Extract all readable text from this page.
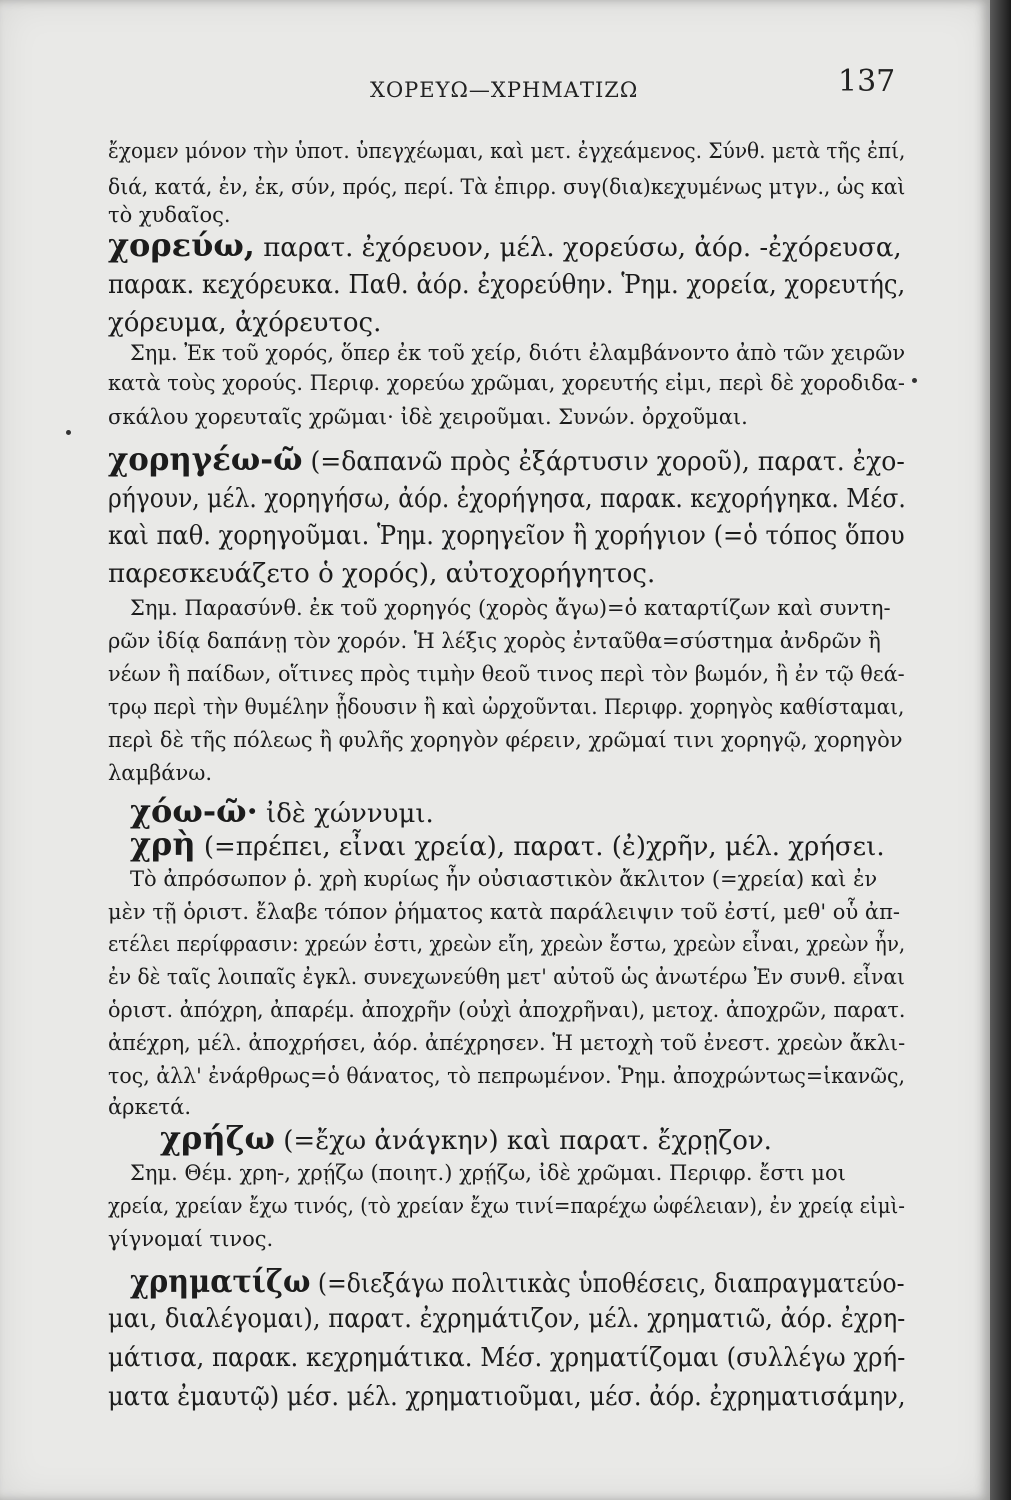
ΧΟΡΕΥΩ—ΧΡΗΜΑΤΙΖΩ	137
ἔχομεν μόνον τὴν ὑποτ. ὑπεγχέωμαι, καὶ μετ. ἐγχεάμενος. Σύνθ. μετὰ τῆς ἐπί,
διά, κατά, ἐν, ἐκ, σύν, πρός, περί. Τὰ ἐπιρρ. συγ(δια)κεχυμένως μτγν., ὡς καὶ
τὸ χυδαῖος.
χορεύω, παρατ. ἐχόρευον, μέλ. χορεύσω, ἀόρ. -ἐχόρευσα,
παρακ. κεχόρευκα. Παθ. ἀόρ. ἐχορεύθην. Ῥημ. χορεία, χορευτής,
χόρευμα, ἀχόρευτος.
Σημ. Ἐκ τοῦ χορός, ὅπερ ἐκ τοῦ χείρ, διότι ἐλαμβάνοντο ἀπὸ τῶν χειρῶν
κατὰ τοὺς χορούς. Περιφ. χορεύω χρῶμαι, χορευτής εἰμι, περὶ δὲ χοροδιδα-
σκάλου χορευταῖς χρῶμαι· ἰδὲ χειροῦμαι. Συνών. ὀρχοῦμαι.
χορηγέω-ῶ (=δαπανῶ πρὸς ἐξάρτυσιν χοροῦ), παρατ. ἐχο-
ρήγουν, μέλ. χορηγήσω, ἀόρ. ἐχορήγησα, παρακ. κεχορήγηκα. Μέσ.
καὶ παθ. χορηγοῦμαι. Ῥημ. χορηγεῖον ἢ χορήγιον (=ὁ τόπος ὅπου
παρεσκευάζετο ὁ χορός), αὐτοχορήγητος.
Σημ. Παρασύνθ. ἐκ τοῦ χορηγός (χορὸς ἄγω)=ὁ καταρτίζων καὶ συντη-
ρῶν ἰδίᾳ δαπάνῃ τὸν χορόν. Ἡ λέξις χορὸς ἐνταῦθα=σύστημα ἀνδρῶν ἢ
νέων ἢ παίδων, οἵτινες πρὸς τιμὴν θεοῦ τινος περὶ τὸν βωμόν, ἢ ἐν τῷ θεά-
τρῳ περὶ τὴν θυμέλην ᾖδουσιν ἢ καὶ ὠρχοῦνται. Περιφρ. χορηγὸς καθίσταμαι,
περὶ δὲ τῆς πόλεως ἢ φυλῆς χορηγὸν φέρειν, χρῶμαί τινι χορηγῷ, χορηγὸν
λαμβάνω.
χόω-ῶ· ἰδὲ χώννυμι.
χρὴ (=πρέπει, εἶναι χρεία), παρατ. (ἐ)χρῆν, μέλ. χρήσει.
Τὸ ἀπρόσωπον ῥ. χρὴ κυρίως ἦν οὐσιαστικὸν ἄκλιτον (=χρεία) καὶ ἐν
μὲν τῇ ὁριστ. ἔλαβε τόπον ῥήματος κατὰ παράλειψιν τοῦ ἐστί, μεθ' οὗ ἀπ-
ετέλει περίφρασιν: χρεών ἐστι, χρεὼν εἴη, χρεὼν ἔστω, χρεὼν εἶναι, χρεὼν ἦν,
ἐν δὲ ταῖς λοιπαῖς ἐγκλ. συνεχωνεύθη μετ' αὐτοῦ ὡς ἀνωτέρω Ἐν συνθ. εἶναι
ὁριστ. ἀπόχρη, ἀπαρέμ. ἀποχρῆν (οὐχὶ ἀποχρῆναι), μετοχ. ἀποχρῶν, παρατ.
ἀπέχρη, μέλ. ἀποχρήσει, ἀόρ. ἀπέχρησεν. Ἡ μετοχὴ τοῦ ἐνεστ. χρεὼν ἄκλι-
τος, ἀλλ' ἐνάρθρως=ὁ θάνατος, τὸ πεπρωμένον. Ῥημ. ἀποχρώντως=ἱκανῶς,
ἀρκετά.
χρήζω (=ἔχω ἀνάγκην) καὶ παρατ. ἔχρῃζον.
Σημ. Θέμ. χρη-, χρῄζω (ποιητ.) χρῄζω, ἰδὲ χρῶμαι. Περιφρ. ἔστι μοι
χρεία, χρείαν ἔχω τινός, (τὸ χρείαν ἔχω τινί=παρέχω ὠφέλειαν), ἐν χρείᾳ εἰμὶ-
γίγνομαί τινος.
χρηματίζω (=διεξάγω πολιτικὰς ὑποθέσεις, διαπραγματεύο-
μαι, διαλέγομαι), παρατ. ἐχρημάτιζον, μέλ. χρηματιῶ, ἀόρ. ἐχρη-
μάτισα, παρακ. κεχρημάτικα. Μέσ. χρηματίζομαι (συλλέγω χρή-
ματα ἐμαυτῷ) μέσ. μέλ. χρηματιοῦμαι, μέσ. ἀόρ. ἐχρηματισάμην,
